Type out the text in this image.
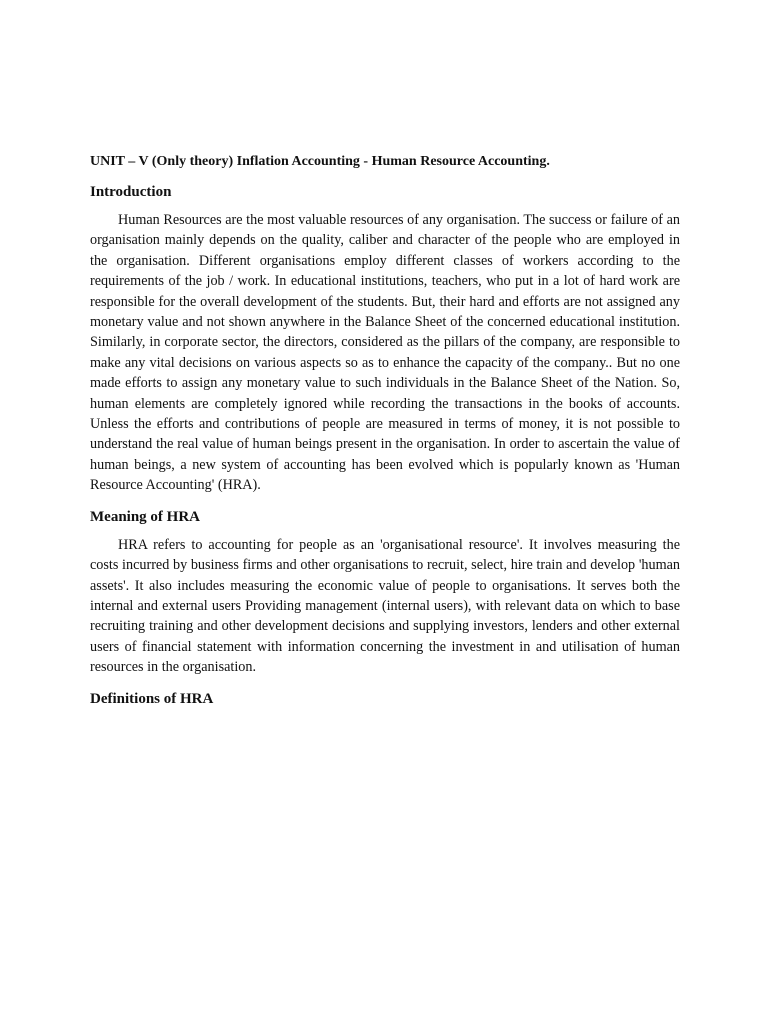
UNIT – V (Only theory) Inflation Accounting - Human Resource Accounting.
Introduction

Human Resources are the most valuable resources of any organisation. The success or failure of an organisation mainly depends on the quality, caliber and character of the people who are employed in the organisation. Different organisations employ different classes of workers according to the requirements of the job / work. In educational institutions, teachers, who put in a lot of hard work are responsible for the overall development of the students. But, their hard and efforts are not assigned any monetary value and not shown anywhere in the Balance Sheet of the concerned educational institution. Similarly, in corporate sector, the directors, considered as the pillars of the company, are responsible to make any vital decisions on various aspects so as to enhance the capacity of the company.. But no one made efforts to assign any monetary value to such individuals in the Balance Sheet of the Nation. So, human elements are completely ignored while recording the transactions in the books of accounts. Unless the efforts and contributions of people are measured in terms of money, it is not possible to understand the real value of human beings present in the organisation. In order to ascertain the value of human beings, a new system of accounting has been evolved which is popularly known as 'Human Resource Accounting' (HRA).

Meaning of HRA

HRA refers to accounting for people as an 'organisational resource'. It involves measuring the costs incurred by business firms and other organisations to recruit, select, hire train and develop 'human assets'. It also includes measuring the economic value of people to organisations. It serves both the internal and external users Providing management (internal users), with relevant data on which to base recruiting training and other development decisions and supplying investors, lenders and other external users of financial statement with information concerning the investment in and utilisation of human resources in the organisation.

Definitions of HRA
